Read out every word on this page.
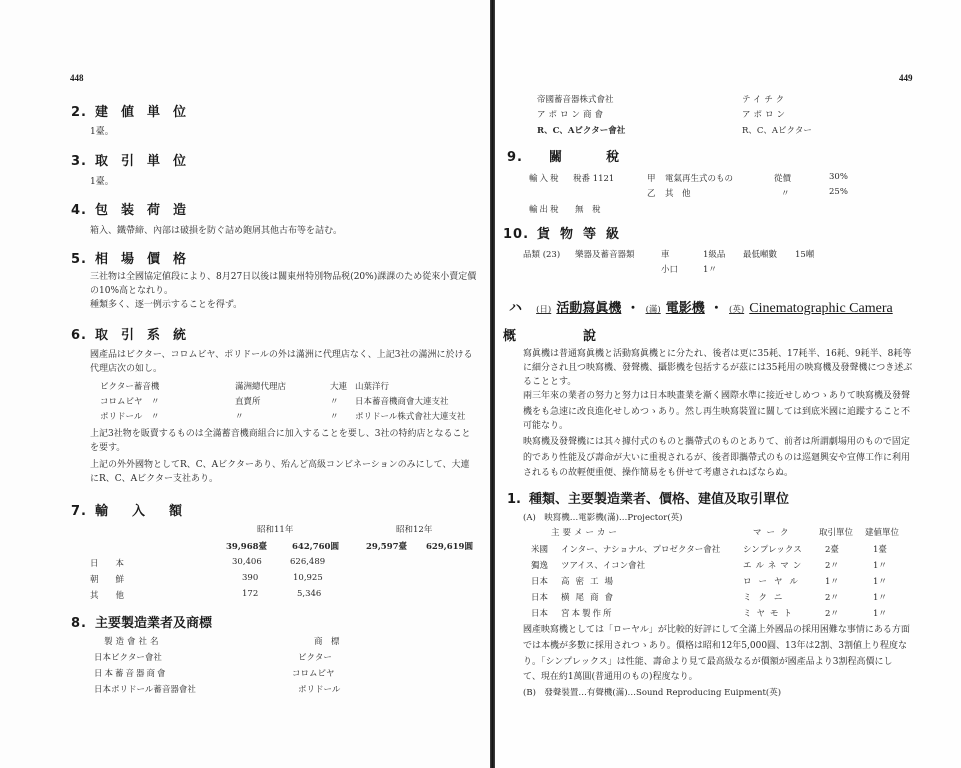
448
2. 建値単位
1臺。
3. 取引単位
1臺。
4. 包装荷造
箱入、鐵帶締、內部は破損を防ぐ詰め鉋屑其他古布等を詰む。
5. 相場價格
三社物は全國協定値段により、8月27日以後は關東州特別物品税(20%)課課のため從來小賣定價
の10%高となれり。
種類多く、逐一例示することを得ず。
6. 取引系統
國產品はビクター、コロムビヤ、ポリドールの外は滿洲に代理店なく、上記3社の滿洲に於ける
代理店次の如し。
ビクター蓄音機	滿洲總代理店	大連 山葉洋行
コロムビヤ　〃	直賣所	〃 日本蓄音機商會大連支社
ポリドール　〃	〃	〃 ポリドール株式會社大連支社
上記3社物を販賣するものは全滿蓄音機商組合に加入することを要し、3社の特約店となること
を要す。
上記の外外國物としてR、C、Aビクターあり、殆んど高級コンビネーションのみにして、大連
にR、C、Aビクター支社あり。
7. 輸入額
昭和11年	昭和12年
39,968臺	642,760圓	29,597臺 629,619圓
日　　本	30,406	626,489
朝　　鮮	390	10,925
其　　他	172	5,346
8. 主要製造業者及商標
製造會社名	商　標
日本ビクター會社	ビクター
日本蓄音器商會	コロムビヤ
日本ポリドール蓄音器會社	ポリドール
449
帝國蓄音器株式會社	テイチク
アポロン商會	アポロン
R、C、Aビクター會社	R、C、Aビクター
9. 關　　稅
輸入稅 稅番 1121	甲 電氣再生式のもの	從價	30%
乙 其　他	〃	25%
輸出稅 無　稅
10. 貨物等級
品類 (23) 樂器及蓄音器類	車	1級品 最低噸數 15噸
小口	1〃
ハ (日) 活動寫眞機 ・ (滿) 電影機 ・ (英) Cinematographic Camera
概	說
寫眞機は普通寫眞機と活動寫眞機とに分たれ、後者は更に35耗、17耗半、16耗、9耗半、8耗等
に細分され且つ映寫機、發聲機、攝影機を包括するが茲には35耗用の映寫機及發聲機につき述ぶ
ることとす。
兩三年來の業者の努力と努力は日本映畫業を漸く國際水準に接近せしめつゝありて映寫機及發聲
機をも急速に改良進化せしめつゝあり。然し再生映寫裝置に關しては到底米國に追蹤すること不
可能なり。
映寫機及發聲機には其々據付式のものと攜帶式のものとありて、前者は所謂劇場用のもので固定
的であり性能及び壽命が大いに重視されるが、後者即攜帶式のものは巡廻興安や宣傳工作に利用
されるもの故輕便重便、操作簡易をも併せて考慮されねばならぬ。
1. 種類、主要製造業者、價格、建值及取引單位
(A)　映寫機…電影機(滿)…Projector(英)
主要メーカー	マーク	取引單位 建値單位
米國 インター、ナショナル、プロゼクター會社	シンプレックス	2臺	1臺
獨逸 ツアイス、イコン會社	エルネマン 2〃	1〃
日本 高密工場	ローヤル 1〃	1〃
日本 横尾商會	ミクニ	2〃	1〃
日本 宮本製作所	ミヤモト	2〃	1〃
國產映寫機としては「ローヤル」が比較的好評にして全滿上外國品の採用困難な事情にある方面
では本機が多數に採用されつゝあり。價格は昭和12年5,000圓、13年は2割、3割値上り程度な
り。「シンプレックス」は性能、壽命より見て最高級なるが價額が國產品より3割程高價にし
て、現在約1萬圓(普通用のもの)程度なり。
(B)　發聲裝置…有聲機(滿)…Sound Reproducing Euipment(英)
